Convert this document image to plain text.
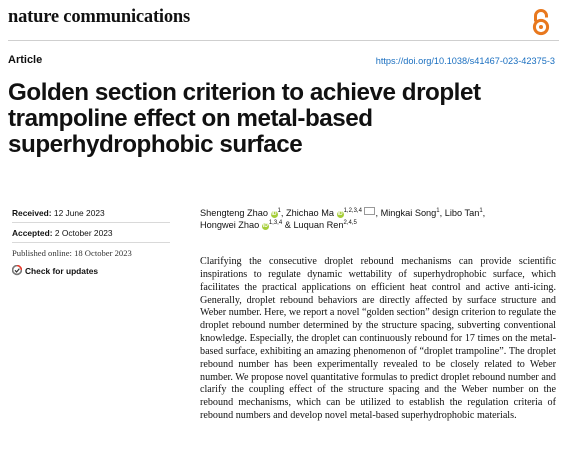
nature communications
Article	https://doi.org/10.1038/s41467-023-42375-3
Golden section criterion to achieve droplet trampoline effect on metal-based superhydrophobic surface
Received: 12 June 2023
Accepted: 2 October 2023
Published online: 18 October 2023
Check for updates
Shengteng Zhao $iD^1$, Zhichao Ma iD$^{1,2,3,4}$ , Mingkai Song$^1$, Libo Tan$^1$,
Hongwei Zhao iD$^{1,3,4}$ & Luquan Ren$^{2,4,5}$

Clarifying the consecutive droplet rebound mechanisms can provide scientific inspirations to regulate dynamic wettability of superhydrophobic surface, which facilitates the practical applications on efficient heat control and active anti-icing. Generally, droplet rebound behaviors are directly affected by surface structure and Weber number. Here, we report a novel “golden section” design criterion to regulate the droplet rebound number determined by the structure spacing, subverting conventional knowledge. Especially, the droplet can continuously rebound for 17 times on the metal-based surface, exhibiting an amazing phenomenon of “droplet trampoline”. The droplet rebound number has been experimentally revealed to be closely related to Weber number. We propose novel quantitative formulas to predict droplet rebound number and clarify the coupling effect of the structure spacing and the Weber number on the rebound mechanisms, which can be utilized to establish the regulation criteria of rebound numbers and develop novel metal-based superhydrophobic materials.
